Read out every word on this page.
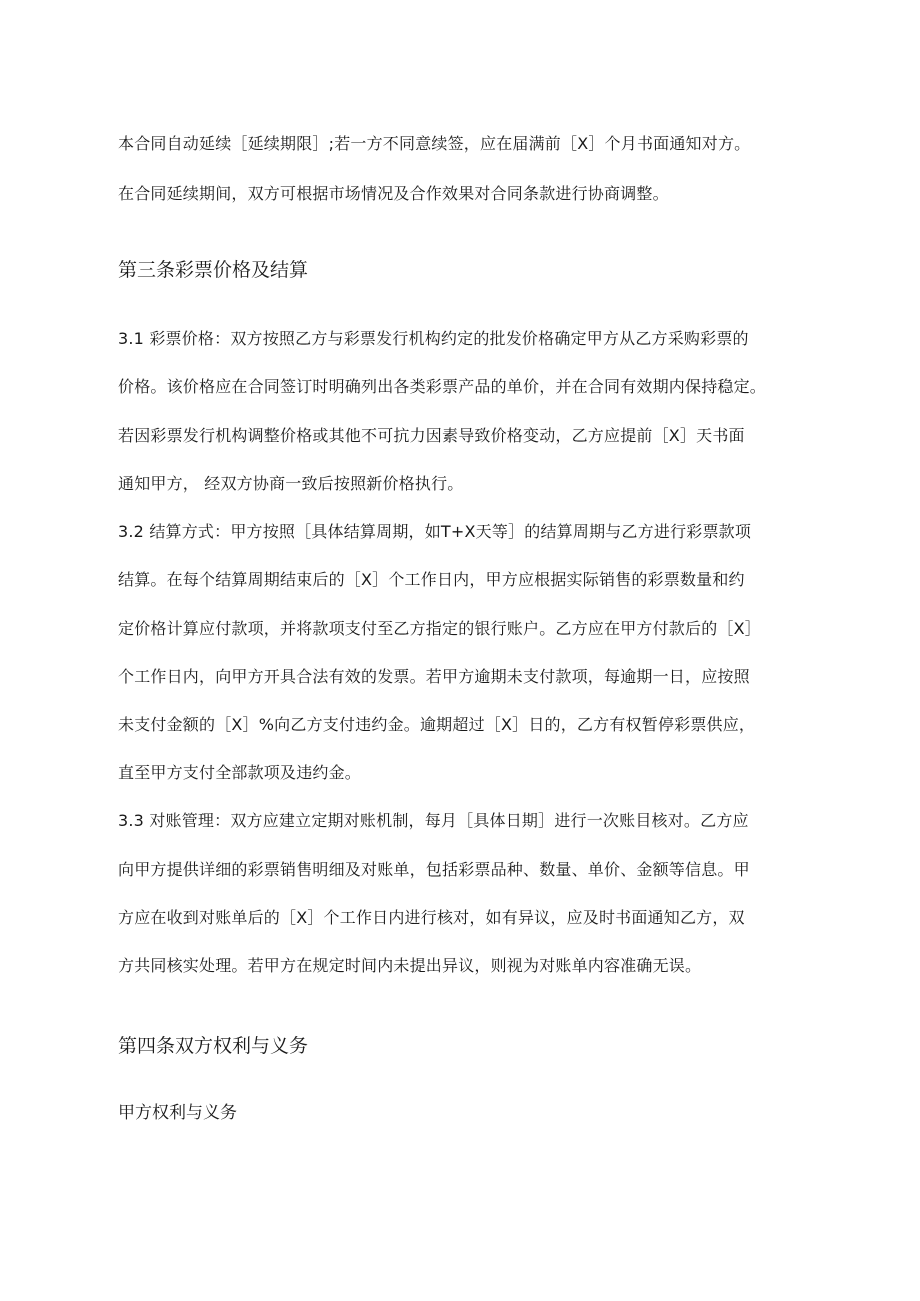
本合同自动延续［延续期限］;若一方不同意续签，应在届满前［X］个月书面通知对方。
在合同延续期间，双方可根据市场情况及合作效果对合同条款进行协商调整。
第三条彩票价格及结算
3.1 彩票价格：双方按照乙方与彩票发行机构约定的批发价格确定甲方从乙方采购彩票的
价格。该价格应在合同签订时明确列出各类彩票产品的单价，并在合同有效期内保持稳定。
若因彩票发行机构调整价格或其他不可抗力因素导致价格变动，乙方应提前［X］天书面
通知甲方， 经双方协商一致后按照新价格执行。
3.2 结算方式：甲方按照［具体结算周期，如T+X天等］的结算周期与乙方进行彩票款项
结算。在每个结算周期结束后的［X］个工作日内，甲方应根据实际销售的彩票数量和约
定价格计算应付款项，并将款项支付至乙方指定的银行账户。乙方应在甲方付款后的［X］
个工作日内，向甲方开具合法有效的发票。若甲方逾期未支付款项，每逾期一日，应按照
未支付金额的［X］%向乙方支付违约金。逾期超过［X］日的，乙方有权暂停彩票供应，
直至甲方支付全部款项及违约金。
3.3 对账管理：双方应建立定期对账机制，每月［具体日期］进行一次账目核对。乙方应
向甲方提供详细的彩票销售明细及对账单，包括彩票品种、数量、单价、金额等信息。甲
方应在收到对账单后的［X］个工作日内进行核对，如有异议，应及时书面通知乙方，双
方共同核实处理。若甲方在规定时间内未提出异议，则视为对账单内容准确无误。
第四条双方权利与义务
甲方权利与义务
